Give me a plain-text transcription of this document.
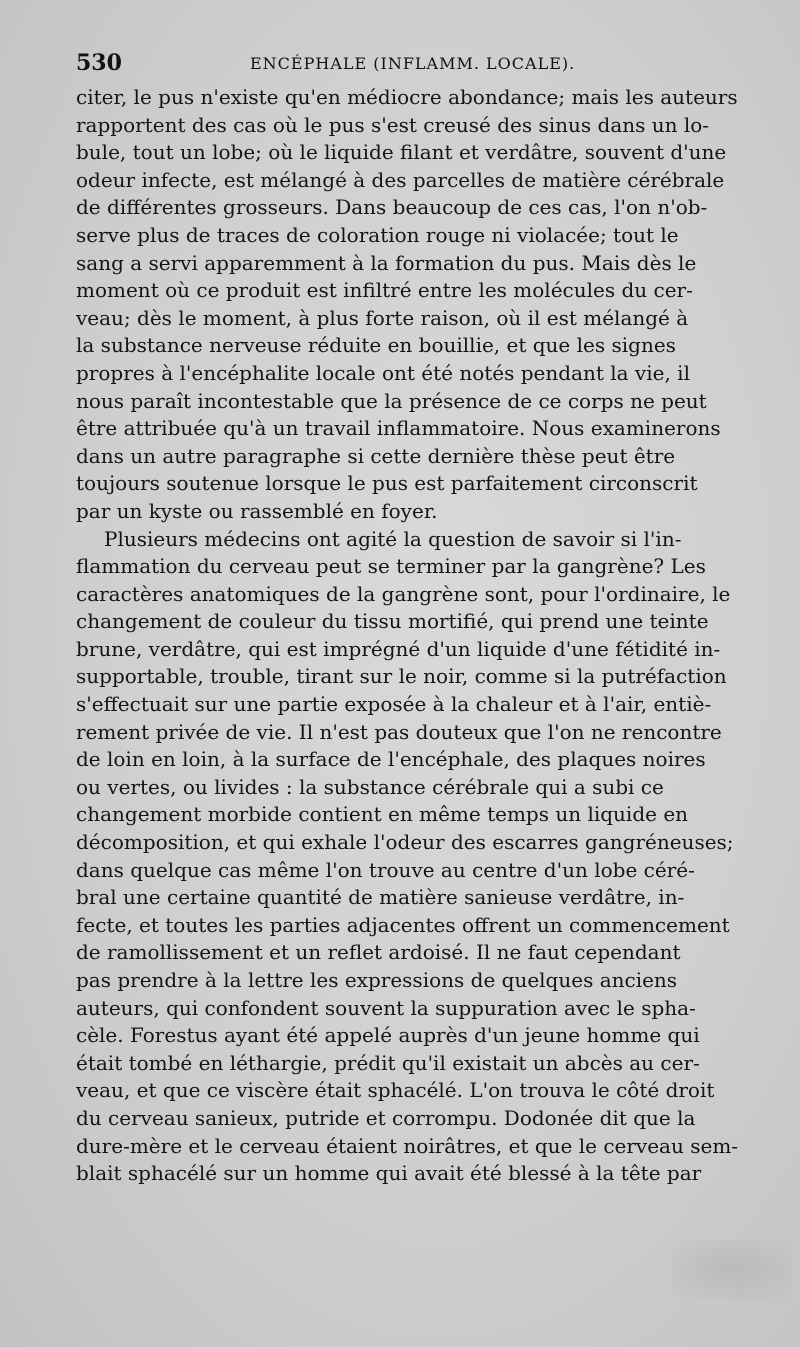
530	ENCÉPHALE (INFLAMM. LOCALE).
citer, le pus n'existe qu'en médiocre abondance; mais les auteurs
rapportent des cas où le pus s'est creusé des sinus dans un lo-
bule, tout un lobe; où le liquide filant et verdâtre, souvent d'une
odeur infecte, est mélangé à des parcelles de matière cérébrale
de différentes grosseurs. Dans beaucoup de ces cas, l'on n'ob-
serve plus de traces de coloration rouge ni violacée; tout le
sang a servi apparemment à la formation du pus. Mais dès le
moment où ce produit est infiltré entre les molécules du cer-
veau; dès le moment, à plus forte raison, où il est mélangé à
la substance nerveuse réduite en bouillie, et que les signes
propres à l'encéphalite locale ont été notés pendant la vie, il
nous paraît incontestable que la présence de ce corps ne peut
être attribuée qu'à un travail inflammatoire. Nous examinerons
dans un autre paragraphe si cette dernière thèse peut être
toujours soutenue lorsque le pus est parfaitement circonscrit
par un kyste ou rassemblé en foyer.
Plusieurs médecins ont agité la question de savoir si l'in-
flammation du cerveau peut se terminer par la gangrène? Les
caractères anatomiques de la gangrène sont, pour l'ordinaire, le
changement de couleur du tissu mortifié, qui prend une teinte
brune, verdâtre, qui est imprégné d'un liquide d'une fétidité in-
supportable, trouble, tirant sur le noir, comme si la putréfaction
s'effectuait sur une partie exposée à la chaleur et à l'air, entiè-
rement privée de vie. Il n'est pas douteux que l'on ne rencontre
de loin en loin, à la surface de l'encéphale, des plaques noires
ou vertes, ou livides : la substance cérébrale qui a subi ce
changement morbide contient en même temps un liquide en
décomposition, et qui exhale l'odeur des escarres gangréneuses;
dans quelque cas même l'on trouve au centre d'un lobe céré-
bral une certaine quantité de matière sanieuse verdâtre, in-
fecte, et toutes les parties adjacentes offrent un commencement
de ramollissement et un reflet ardoisé. Il ne faut cependant
pas prendre à la lettre les expressions de quelques anciens
auteurs, qui confondent souvent la suppuration avec le spha-
cèle. Forestus ayant été appelé auprès d'un jeune homme qui
était tombé en léthargie, prédit qu'il existait un abcès au cer-
veau, et que ce viscère était sphacélé. L'on trouva le côté droit
du cerveau sanieux, putride et corrompu. Dodonée dit que la
dure-mère et le cerveau étaient noirâtres, et que le cerveau sem-
blait sphacélé sur un homme qui avait été blessé à la tête par
